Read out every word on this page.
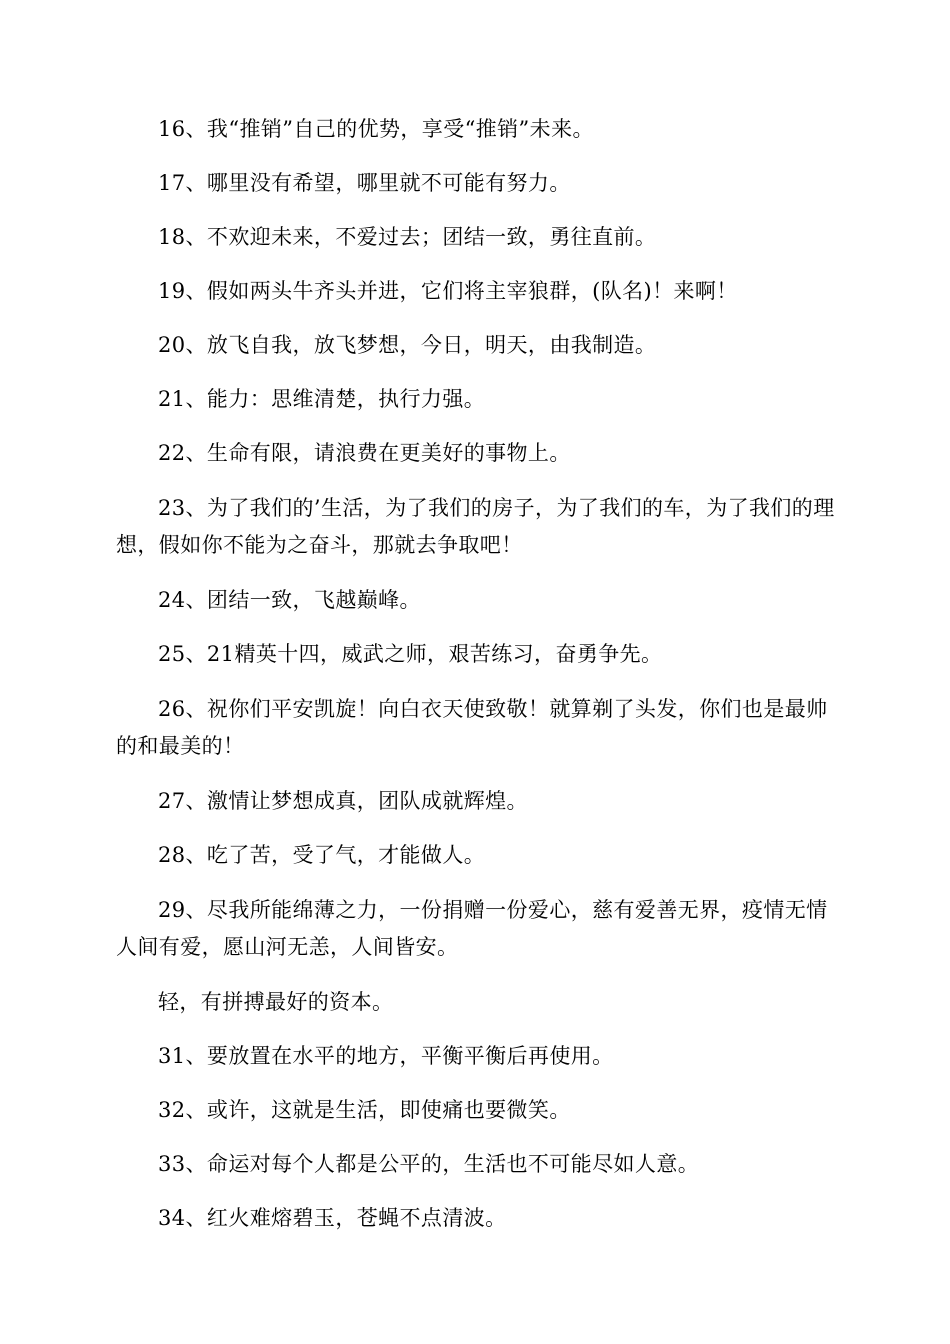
16、我“推销”自己的优势，享受“推销”未来。

17、哪里没有希望，哪里就不可能有努力。

18、不欢迎未来，不爱过去；团结一致，勇往直前。

19、假如两头牛齐头并进，它们将主宰狼群，(队名)！来啊！

20、放飞自我，放飞梦想，今日，明天，由我制造。

21、能力：思维清楚，执行力强。

22、生命有限，请浪费在更美好的事物上。

23、为了我们的’生活，为了我们的房子，为了我们的车，为了我们的理想，假如你不能为之奋斗，那就去争取吧！

24、团结一致，飞越巅峰。

25、21精英十四，威武之师，艰苦练习，奋勇争先。

26、祝你们平安凯旋！向白衣天使致敬！就算剃了头发，你们也是最帅的和最美的！

27、激情让梦想成真，团队成就辉煌。

28、吃了苦，受了气，才能做人。

29、尽我所能绵薄之力，一份捐赠一份爱心，慈有爱善无界，疫情无情人间有爱，愿山河无恙，人间皆安。

轻，有拼搏最好的资本。

31、要放置在水平的地方，平衡平衡后再使用。

32、或许，这就是生活，即使痛也要微笑。

33、命运对每个人都是公平的，生活也不可能尽如人意。

34、红火难熔碧玉，苍蝇不点清波。
